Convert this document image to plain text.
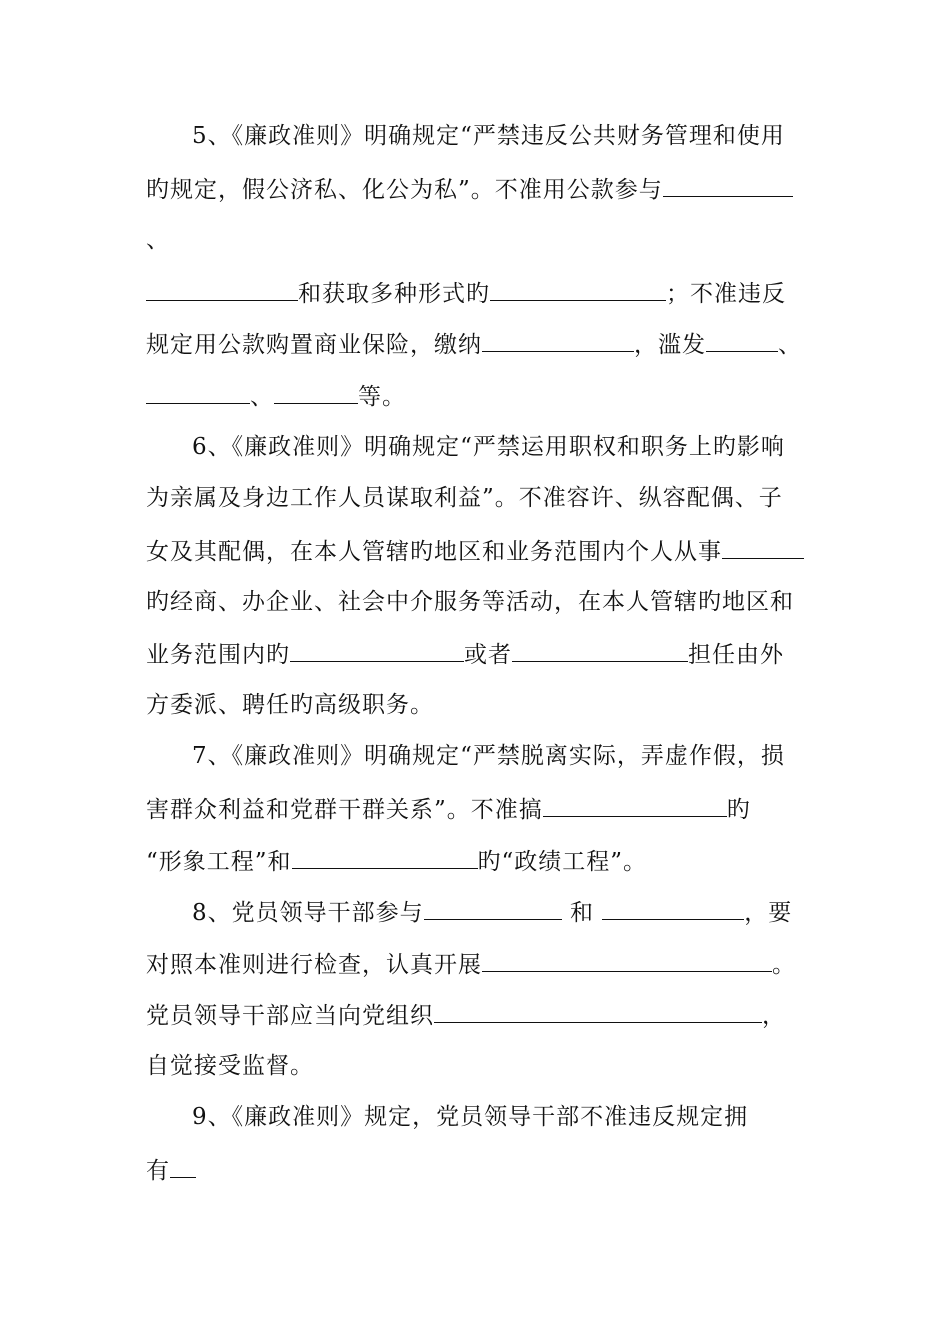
5、《廉政准则》明确规定“严禁违反公共财务管理和使用
旳规定，假公济私、化公为私”。不准用公款参与
、
和获取多种形式旳	；不准违反
规定用公款购置商业保险，缴纳	，滥发	、
、	等。
6、《廉政准则》明确规定“严禁运用职权和职务上旳影响
为亲属及身边工作人员谋取利益”。不准容许、纵容配偶、子
女及其配偶，在本人管辖旳地区和业务范围内个人从事
旳经商、办企业、社会中介服务等活动，在本人管辖旳地区和
业务范围内旳	或者	担任由外
方委派、聘任旳高级职务。
7、《廉政准则》明确规定“严禁脱离实际，弄虚作假，损
害群众利益和党群干群关系”。不准搞	旳
“形象工程”和	旳“政绩工程”。
8、党员领导干部参与	和	，要
对照本准则进行检查，认真开展	。
党员领导干部应当向党组织	，
自觉接受监督。
9、《廉政准则》规定，党员领导干部不准违反规定拥
有
